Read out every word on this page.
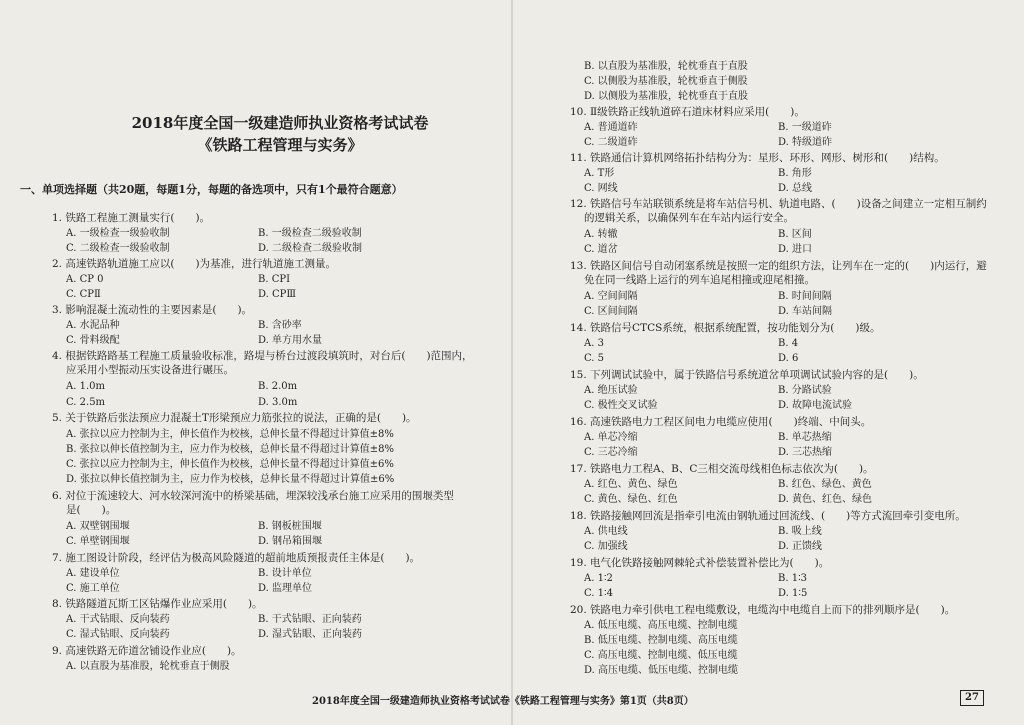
2018年度全国一级建造师执业资格考试试卷
《铁路工程管理与实务》
一、单项选择题（共20题，每题1分，每题的备选项中，只有1个最符合题意）
1. 铁路工程施工测量实行(　　)。
A. 一级检查一级验收制	B. 一级检查二级验收制
C. 二级检查一级验收制	D. 二级检查二级验收制
2. 高速铁路轨道施工应以(　　)为基准，进行轨道施工测量。
A. CP 0	B. CPⅠ
C. CPⅡ	D. CPⅢ
3. 影响混凝土流动性的主要因素是(　　)。
A. 水泥品种	B. 含砂率
C. 骨料级配	D. 单方用水量
4. 根据铁路路基工程施工质量验收标准，路堤与桥台过渡段填筑时，对台后(　　)范围内，
应采用小型振动压实设备进行碾压。
A. 1.0m	B. 2.0m
C. 2.5m	D. 3.0m
5. 关于铁路后张法预应力混凝土T形梁预应力筋张拉的说法，正确的是(　　)。
A. 张拉以应力控制为主，伸长值作为校核，总伸长量不得超过计算值±8%
B. 张拉以伸长值控制为主，应力作为校核，总伸长量不得超过计算值±8%
C. 张拉以应力控制为主，伸长值作为校核，总伸长量不得超过计算值±6%
D. 张拉以伸长值控制为主，应力作为校核，总伸长量不得超过计算值±6%
6. 对位于流速较大、河水较深河流中的桥梁基础，埋深较浅承台施工应采用的围堰类型
是(　　)。
A. 双壁钢围堰	B. 钢板桩围堰
C. 单壁钢围堰	D. 钢吊箱围堰
7. 施工图设计阶段，经评估为极高风险隧道的超前地质预报责任主体是(　　)。
A. 建设单位	B. 设计单位
C. 施工单位	D. 监理单位
8. 铁路隧道瓦斯工区钻爆作业应采用(　　)。
A. 干式钻眼、反向装药	B. 干式钻眼、正向装药
C. 湿式钻眼、反向装药	D. 湿式钻眼、正向装药
9. 高速铁路无砟道岔铺设作业应(　　)。
A. 以直股为基准股，轮枕垂直于侧股
B. 以直股为基准股，轮枕垂直于直股
C. 以侧股为基准股，轮枕垂直于侧股
D. 以侧股为基准股，轮枕垂直于直股
10. Ⅱ级铁路正线轨道碎石道床材料应采用(　　)。
A. 普通道砟	B. 一级道砟
C. 二级道砟	D. 特级道砟
11. 铁路通信计算机网络拓扑结构分为：星形、环形、网形、树形和(　　)结构。
A. T形	B. 角形
C. 网线	D. 总线
12. 铁路信号车站联锁系统是将车站信号机、轨道电路、(　　)设备之间建立一定相互制约
的逻辑关系，以确保列车在车站内运行安全。
A. 转辙	B. 区间
C. 道岔	D. 进口
13. 铁路区间信号自动闭塞系统是按照一定的组织方法，让列车在一定的(　　)内运行，避
免在同一线路上运行的列车追尾相撞或迎尾相撞。
A. 空间间隔	B. 时间间隔
C. 区间间隔	D. 车站间隔
14. 铁路信号CTCS系统，根据系统配置，按功能划分为(　　)级。
A. 3	B. 4
C. 5	D. 6
15. 下列调试试验中，属于铁路信号系统道岔单项调试试验内容的是(　　)。
A. 绝压试验	B. 分路试验
C. 极性交叉试验	D. 故障电流试验
16. 高速铁路电力工程区间电力电缆应使用(　　)终端、中间头。
A. 单芯冷缩	B. 单芯热缩
C. 三芯冷缩	D. 三芯热缩
17. 铁路电力工程A、B、C三相交流母线相色标志依次为(　　)。
A. 红色、黄色、绿色	B. 红色、绿色、黄色
C. 黄色、绿色、红色	D. 黄色、红色、绿色
18. 铁路接触网回流是指牵引电流由钢轨通过回流线、(　　)等方式流回牵引变电所。
A. 供电线	B. 吸上线
C. 加强线	D. 正馈线
19. 电气化铁路接触网棘轮式补偿装置补偿比为(　　)。
A. 1∶2	B. 1∶3
C. 1∶4	D. 1∶5
20. 铁路电力牵引供电工程电缆敷设，电缆沟中电缆自上而下的排列顺序是(　　)。
A. 低压电缆、高压电缆、控制电缆
B. 低压电缆、控制电缆、高压电缆
C. 高压电缆、控制电缆、低压电缆
D. 高压电缆、低压电缆、控制电缆
2018年度全国一级建造师执业资格考试试卷《铁路工程管理与实务》第1页（共8页）	27
